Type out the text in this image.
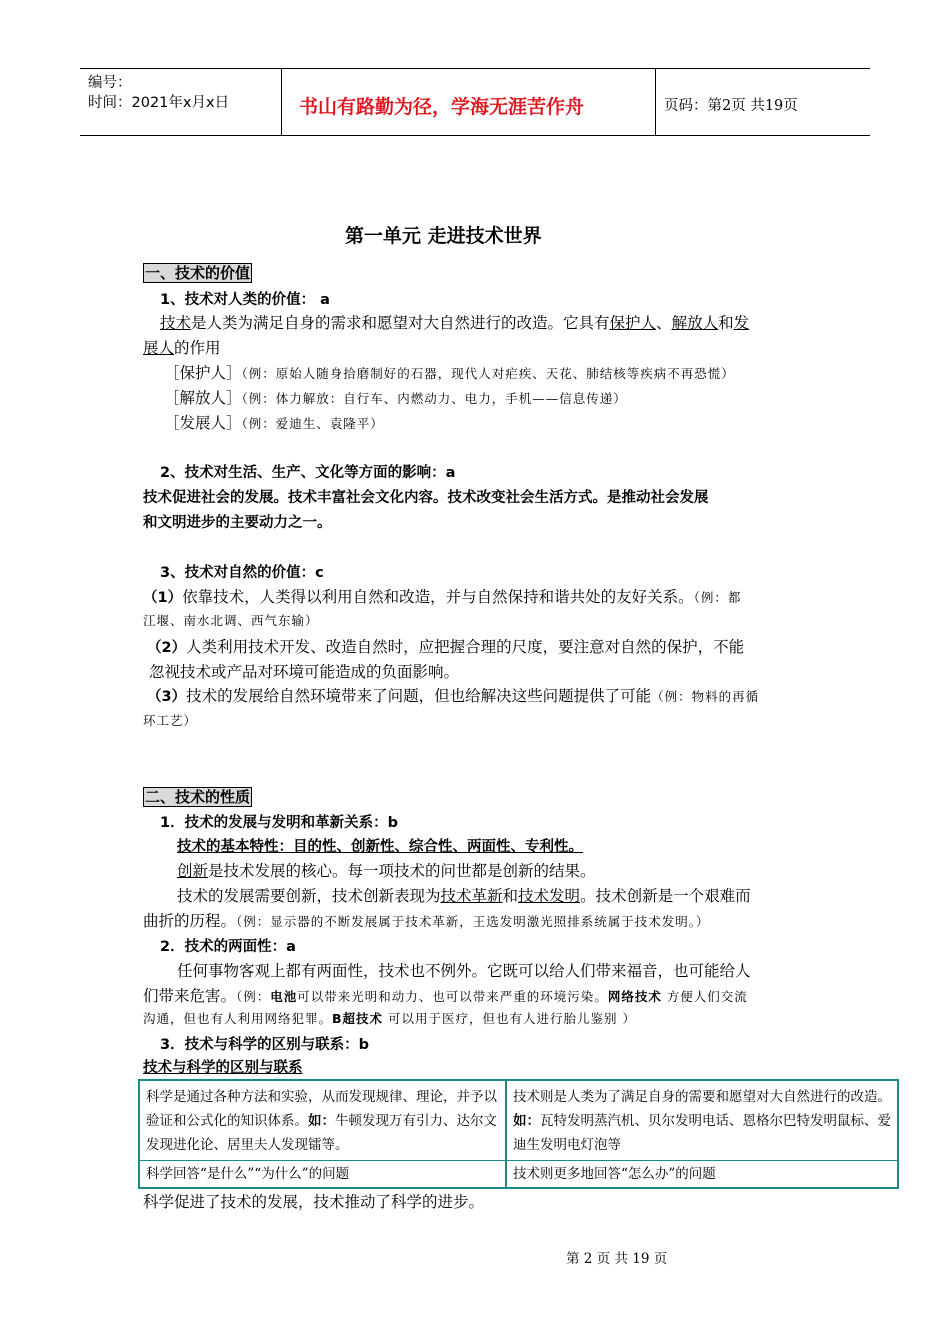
编号：
时间：2021年x月x日	书山有路勤为径，学海无涯苦作舟	页码：第2页 共19页
第一单元 走进技术世界
一、技术的价值
1、技术对人类的价值： a
技术是人类为满足自身的需求和愿望对大自然进行的改造。它具有保护人、解放人和发
展人的作用
［保护人］（例：原始人随身拾磨制好的石器，现代人对疟疾、天花、肺结核等疾病不再恐慌）
［解放人］（例：体力解放：自行车、内燃动力、电力，手机——信息传递）
［发展人］（例：爱迪生、袁隆平）
2、技术对生活、生产、文化等方面的影响：a
技术促进社会的发展。技术丰富社会文化内容。技术改变社会生活方式。是推动社会发展
和文明进步的主要动力之一。
3、技术对自然的价值：c
（1）依靠技术，人类得以利用自然和改造，并与自然保持和谐共处的友好关系。（例：都
江堰、南水北调、西气东输）
（2）人类利用技术开发、改造自然时，应把握合理的尺度，要注意对自然的保护，不能
忽视技术或产品对环境可能造成的负面影响。
（3）技术的发展给自然环境带来了问题，但也给解决这些问题提供了可能（例：物料的再循
环工艺）
二、技术的性质
1．技术的发展与发明和革新关系：b
技术的基本特性：目的性、创新性、综合性、两面性、专利性。
创新是技术发展的核心。每一项技术的问世都是创新的结果。
技术的发展需要创新，技术创新表现为技术革新和技术发明。技术创新是一个艰难而
曲折的历程。（例：显示器的不断发展属于技术革新，王选发明激光照排系统属于技术发明。）
2．技术的两面性：a
任何事物客观上都有两面性，技术也不例外。它既可以给人们带来福音，也可能给人
们带来危害。（例：电池可以带来光明和动力、也可以带来严重的环境污染。网络技术 方便人们交流
沟通，但也有人利用网络犯罪。B超技术 可以用于医疗，但也有人进行胎儿鉴别 ）
3．技术与科学的区别与联系：b
技术与科学的区别与联系
科学是通过各种方法和实验，从而发现规律、理论，并予以验证和公式化的知识体系。如：牛顿发现万有引力、达尔文发现进化论、居里夫人发现镭等。	技术则是人类为了满足自身的需要和愿望对大自然进行的改造。如：瓦特发明蒸汽机、贝尔发明电话、恩格尔巴特发明鼠标、爱迪生发明电灯泡等
科学回答“是什么”“为什么”的问题	技术则更多地回答“怎么办”的问题
科学促进了技术的发展，技术推动了科学的进步。
第 2 页 共 19 页
